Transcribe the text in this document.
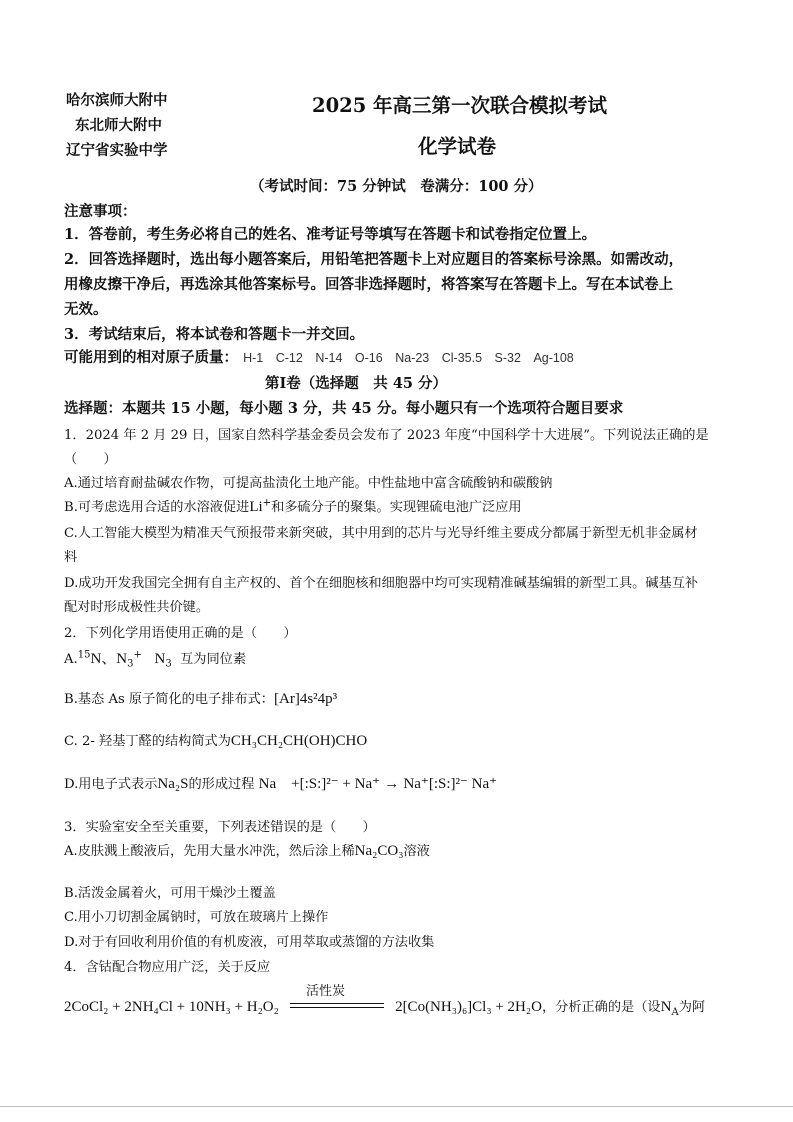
哈尔滨师大附中
东北师大附中
辽宁省实验中学
2025 年高三第一次联合模拟考试
化学试卷
（考试时间：75 分钟试　卷满分：100 分）
注意事项：
1．答卷前，考生务必将自己的姓名、准考证号等填写在答题卡和试卷指定位置上。
2．回答选择题时，选出每小题答案后，用铅笔把答题卡上对应题目的答案标号涂黑。如需改动，
用橡皮擦干净后，再选涂其他答案标号。回答非选择题时，将答案写在答题卡上。写在本试卷上
无效。
3．考试结束后，将本试卷和答题卡一并交回。
可能用到的相对原子质量： H-1　C-12　N-14　O-16　Na-23　Cl-35.5　S-32　Ag-108
第Ⅰ卷（选择题　共 45 分）
选择题：本题共 15 小题，每小题 3 分，共 45 分。每小题只有一个选项符合题目要求
1．2024 年 2 月 29 日，国家自然科学基金委员会发布了 2023 年度“中国科学十大进展”。下列说法正确的是
（　　）
A.通过培育耐盐碱农作物，可提高盐渍化土地产能。中性盐地中富含硫酸钠和碳酸钠
B.可考虑选用合适的水溶液促进Li+和多硫分子的聚集。实现锂硫电池广泛应用
C.人工智能大模型为精准天气预报带来新突破，其中用到的芯片与光导纤维主要成分都属于新型无机非金属材
料
D.成功开发我国完全拥有自主产权的、首个在细胞核和细胞器中均可实现精准碱基编辑的新型工具。碱基互补
配对时形成极性共价键。
2．下列化学用语使用正确的是（　　）
A.$^{15}$N、$N_3^+$ $N_3$ 互为同位素
B.基态 As 原子简化的电子排布式：[Ar]4s²4p³
C. 2- 羟基丁醛的结构简式为CH₃CH₂CH(OH)CHO
D.用电子式表示Na₂S的形成过程 Na　+[:S:]²⁻ + Na⁺ → Na⁺[:S:]²⁻ Na⁺
3．实验室安全至关重要，下列表述错误的是（　　）
A.皮肤溅上酸液后，先用大量水冲洗，然后涂上稀Na₂CO₃溶液
B.活泼金属着火，可用干燥沙土覆盖
C.用小刀切割金属钠时，可放在玻璃片上操作
D.对于有回收利用价值的有机废液，可用萃取或蒸馏的方法收集
4．含钴配合物应用广泛，关于反应
2CoCl₂ + 2NH₄Cl + 10NH₃ + H₂O₂
活性炭
2[Co(NH₃)₆]Cl₃ + 2H₂O，分析正确的是（设$N_A$为阿
